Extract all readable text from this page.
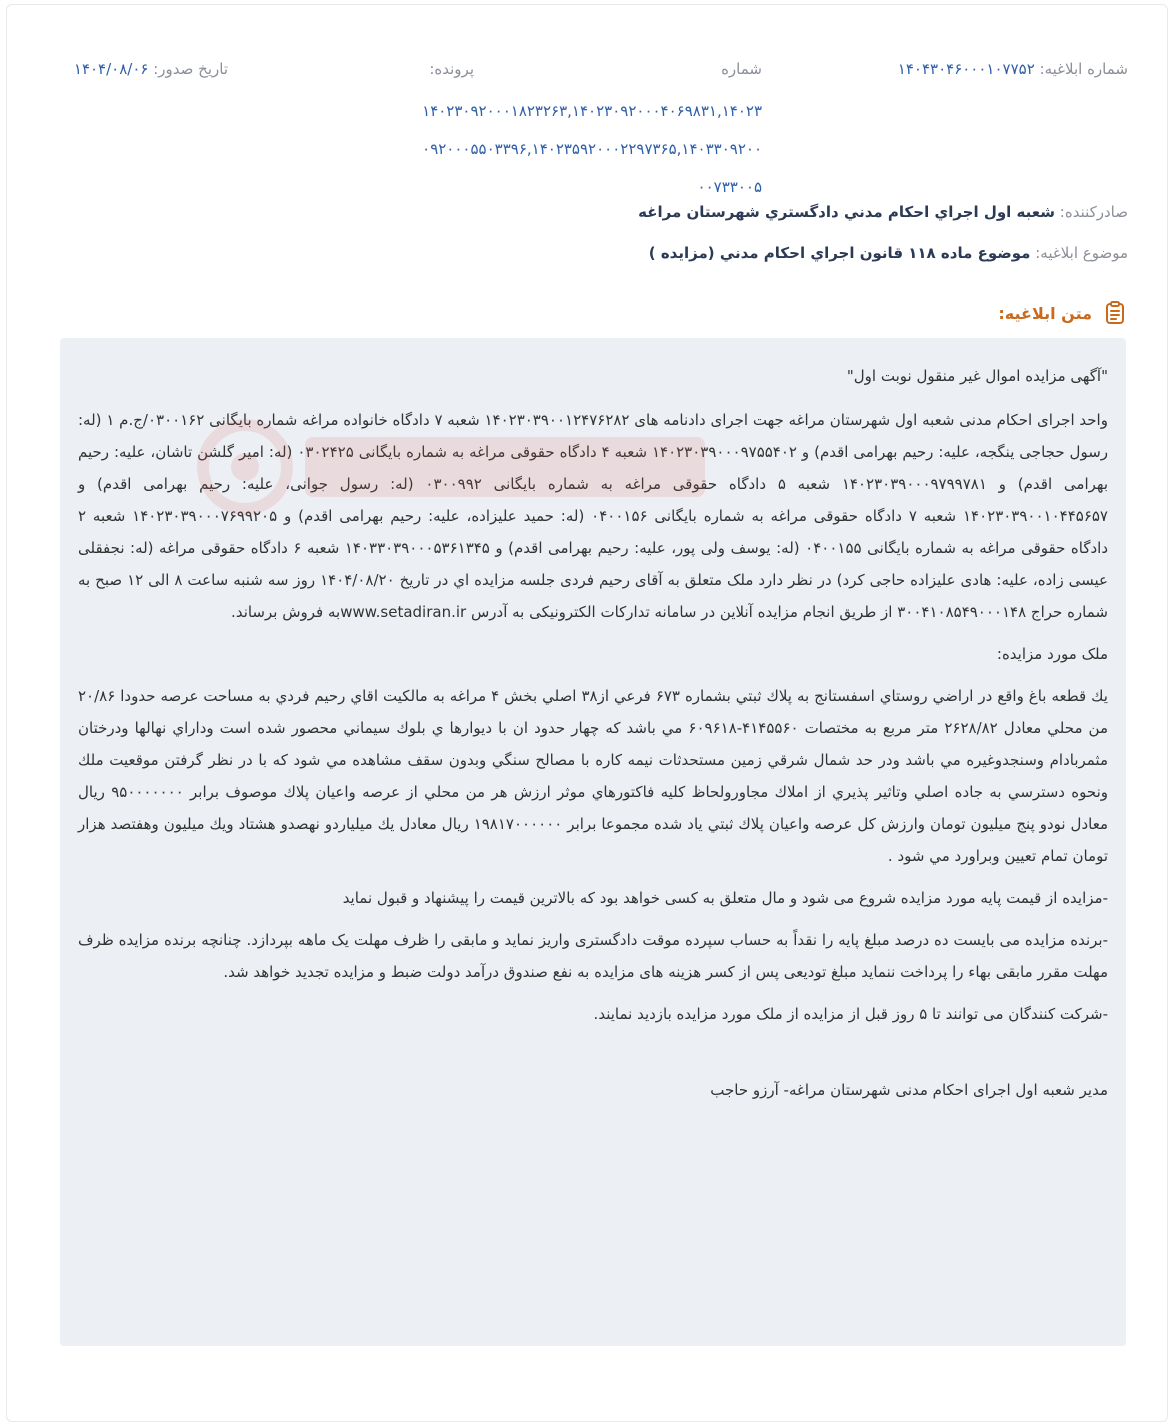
شماره ابلاغیه: ۱۴۰۴۳۰۴۶۰۰۰۱۰۷۷۵۲
شماره
پرونده:
تاریخ صدور: ۱۴۰۴/۰۸/۰۶
۱۴۰۲۳۰۹۲۰۰۰۱۸۲۳۲۶۳,۱۴۰۲۳۰۹۲۰۰۰۴۰۶۹۸۳۱,۱۴۰۲۳۰۹۲۰۰۰۵۵۰۳۳۹۶,۱۴۰۲۳۵۹۲۰۰۰۲۲۹۷۳۶۵,۱۴۰۳۳۰۹۲۰۰۰۰۷۳۳۰۰۵
صادرکننده: شعبه اول اجراي احكام مدني دادگستري شهرستان مراغه
موضوع ابلاغیه: موضوع ماده ۱۱۸ قانون اجراي احكام مدني (مزايده )
متن ابلاغیه:

"آگهی مزایده اموال غیر منقول نوبت اول"

واحد اجرای احکام مدنی شعبه اول شهرستان مراغه جهت اجرای دادنامه های ۱۴۰۲۳۰۳۹۰۰۱۲۴۷۶۲۸۲ شعبه ۷ دادگاه خانواده مراغه شماره بایگانی ۰۳۰۰۱۶۲/ج.م ۱ (له: رسول حجاجی ینگجه، علیه: رحیم بهرامی اقدم) و ۱۴۰۲۳۰۳۹۰۰۰۹۷۵۵۴۰۲ شعبه ۴ دادگاه حقوقی مراغه به شماره بایگانی ۰۳۰۲۴۲۵ (له: امیر گلشن تاشان، علیه: رحیم بهرامی اقدم) و ۱۴۰۲۳۰۳۹۰۰۰۹۷۹۹۷۸۱ شعبه ۵ دادگاه حقوقی مراغه به شماره بایگانی ۰۳۰۰۹۹۲ (له: رسول جوانی، علیه: رحیم بهرامی اقدم) و ۱۴۰۲۳۰۳۹۰۰۱۰۴۴۵۶۵۷ شعبه ۷ دادگاه حقوقی مراغه به شماره بایگانی ۰۴۰۰۱۵۶ (له: حمید علیزاده، علیه: رحیم بهرامی اقدم) و ۱۴۰۲۳۰۳۹۰۰۰۷۶۹۹۲۰۵ شعبه ۲ دادگاه حقوقی مراغه به شماره بایگانی ۰۴۰۰۱۵۵ (له: یوسف ولی پور، علیه: رحیم بهرامی اقدم) و ۱۴۰۳۳۰۳۹۰۰۰۵۳۶۱۳۴۵ شعبه ۶ دادگاه حقوقی مراغه (له: نجفقلی عیسی زاده، علیه: هادی علیزاده حاجی کرد) در نظر دارد ملک متعلق به آقای رحیم فردی جلسه مزايده اي در تاریخ ۱۴۰۴/۰۸/۲۰ روز سه شنبه ساعت ۸ الی ۱۲ صبح به شماره حراج ۳۰۰۴۱۰۸۵۴۹۰۰۰۱۴۸ از طریق انجام مزایده آنلاین در سامانه تدارکات الکترونیکی به آدرس www.setadiran.irبه فروش برساند.

ملک مورد مزایده:

يك قطعه باغ واقع در اراضي روستاي اسفستانج به پلاك ثبتي بشماره ۶۷۳ فرعي از۳۸ اصلي بخش ۴ مراغه به مالكيت اقاي رحيم فردي به مساحت عرصه حدودا ۲۰/۸۶ من محلي معادل ۲۶۲۸/۸۲ متر مربع به مختصات ۴۱۴۵۵۶۰-۶۰۹۶۱۸ مي باشد كه چهار حدود ان با ديوارها ي بلوك سيماني محصور شده است وداراي نهالها ودرختان مثمربادام وسنجدوغيره مي باشد ودر حد شمال شرقي زمين مستحدثات نيمه كاره با مصالح سنگي وبدون سقف مشاهده مي شود كه با در نظر گرفتن موقعيت ملك ونحوه دسترسي به جاده اصلي وتاثير پذيري از املاك مجاورولحاظ كليه فاكتورهاي موثر ارزش هر من محلي از عرصه واعيان پلاك موصوف برابر ۹۵۰۰۰۰۰۰۰ ريال معادل نودو پنج ميليون تومان وارزش كل عرصه واعيان پلاك ثبتي ياد شده مجموعا برابر ۱۹۸۱۷۰۰۰۰۰۰ ريال معادل يك ميلياردو نهصدو هشتاد ويك ميليون وهفتصد هزار تومان تمام تعيين وبراورد مي شود .

-مزایده از قیمت پایه مورد مزایده شروع می شود و مال متعلق به کسی خواهد بود که بالاترین قیمت را پیشنهاد و قبول نماید

-برنده مزایده می بایست ده درصد مبلغ پایه را نقداً به حساب سپرده موقت دادگستری واریز نماید و مابقی را ظرف مهلت یک ماهه بپردازد. چنانچه برنده مزایده ظرف مهلت مقرر مابقی بهاء را پرداخت ننماید مبلغ تودیعی پس از کسر هزینه های مزایده به نفع صندوق درآمد دولت ضبط و مزایده تجدید خواهد شد.

-شرکت کنندگان می توانند تا ۵ روز قبل از مزایده از ملک مورد مزایده بازدید نمایند.

مدیر شعبه اول اجرای احکام مدنی شهرستان مراغه- آرزو حاجب
